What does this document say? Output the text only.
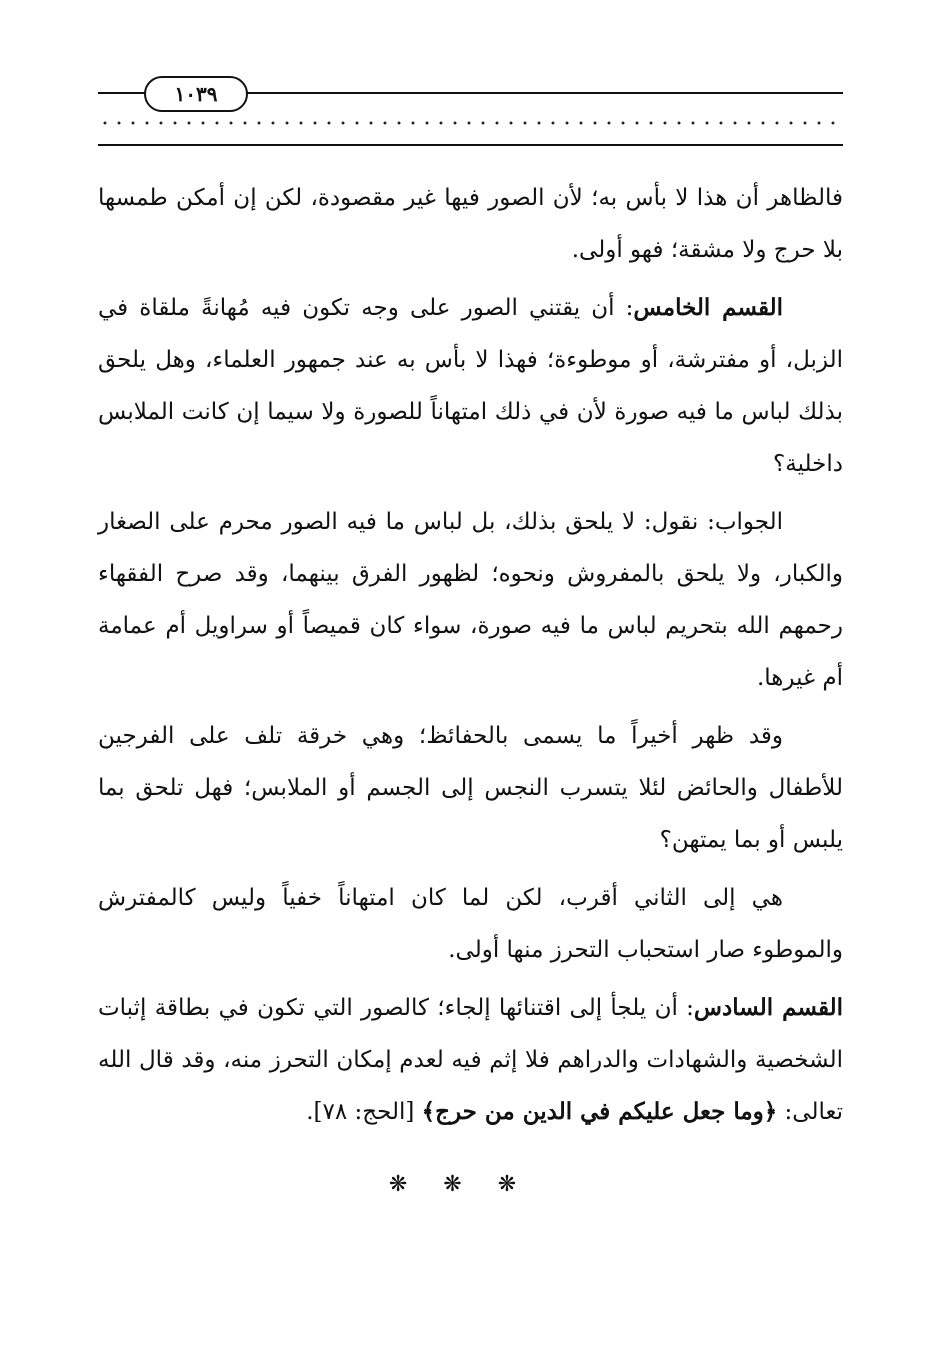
١٠٣٩

فالظاهر أن هذا لا بأس به؛ لأن الصور فيها غير مقصودة، لكن إن أمكن طمسها بلا حرج ولا مشقة؛ فهو أولى.

القسم الخامس: أن يقتني الصور على وجه تكون فيه مُهانةً ملقاة في الزبل، أو مفترشة، أو موطوءة؛ فهذا لا بأس به عند جمهور العلماء، وهل يلحق بذلك لباس ما فيه صورة لأن في ذلك امتهاناً للصورة ولا سيما إن كانت الملابس داخلية؟

الجواب: نقول: لا يلحق بذلك، بل لباس ما فيه الصور محرم على الصغار والكبار، ولا يلحق بالمفروش ونحوه؛ لظهور الفرق بينهما، وقد صرح الفقهاء رحمهم الله بتحريم لباس ما فيه صورة، سواء كان قميصاً أو سراويل أم عمامة أم غيرها.

وقد ظهر أخيراً ما يسمى بالحفائظ؛ وهي خرقة تلف على الفرجين للأطفال والحائض لئلا يتسرب النجس إلى الجسم أو الملابس؛ فهل تلحق بما يلبس أو بما يمتهن؟

هي إلى الثاني أقرب، لكن لما كان امتهاناً خفياً وليس كالمفترش والموطوء صار استحباب التحرز منها أولى.

القسم السادس: أن يلجأ إلى اقتنائها إلجاء؛ كالصور التي تكون في بطاقة إثبات الشخصية والشهادات والدراهم فلا إثم فيه لعدم إمكان التحرز منه، وقد قال الله تعالى: ﴿وما جعل عليكم في الدين من حرج﴾ [الحج: ٧٨].

❋❋❋
